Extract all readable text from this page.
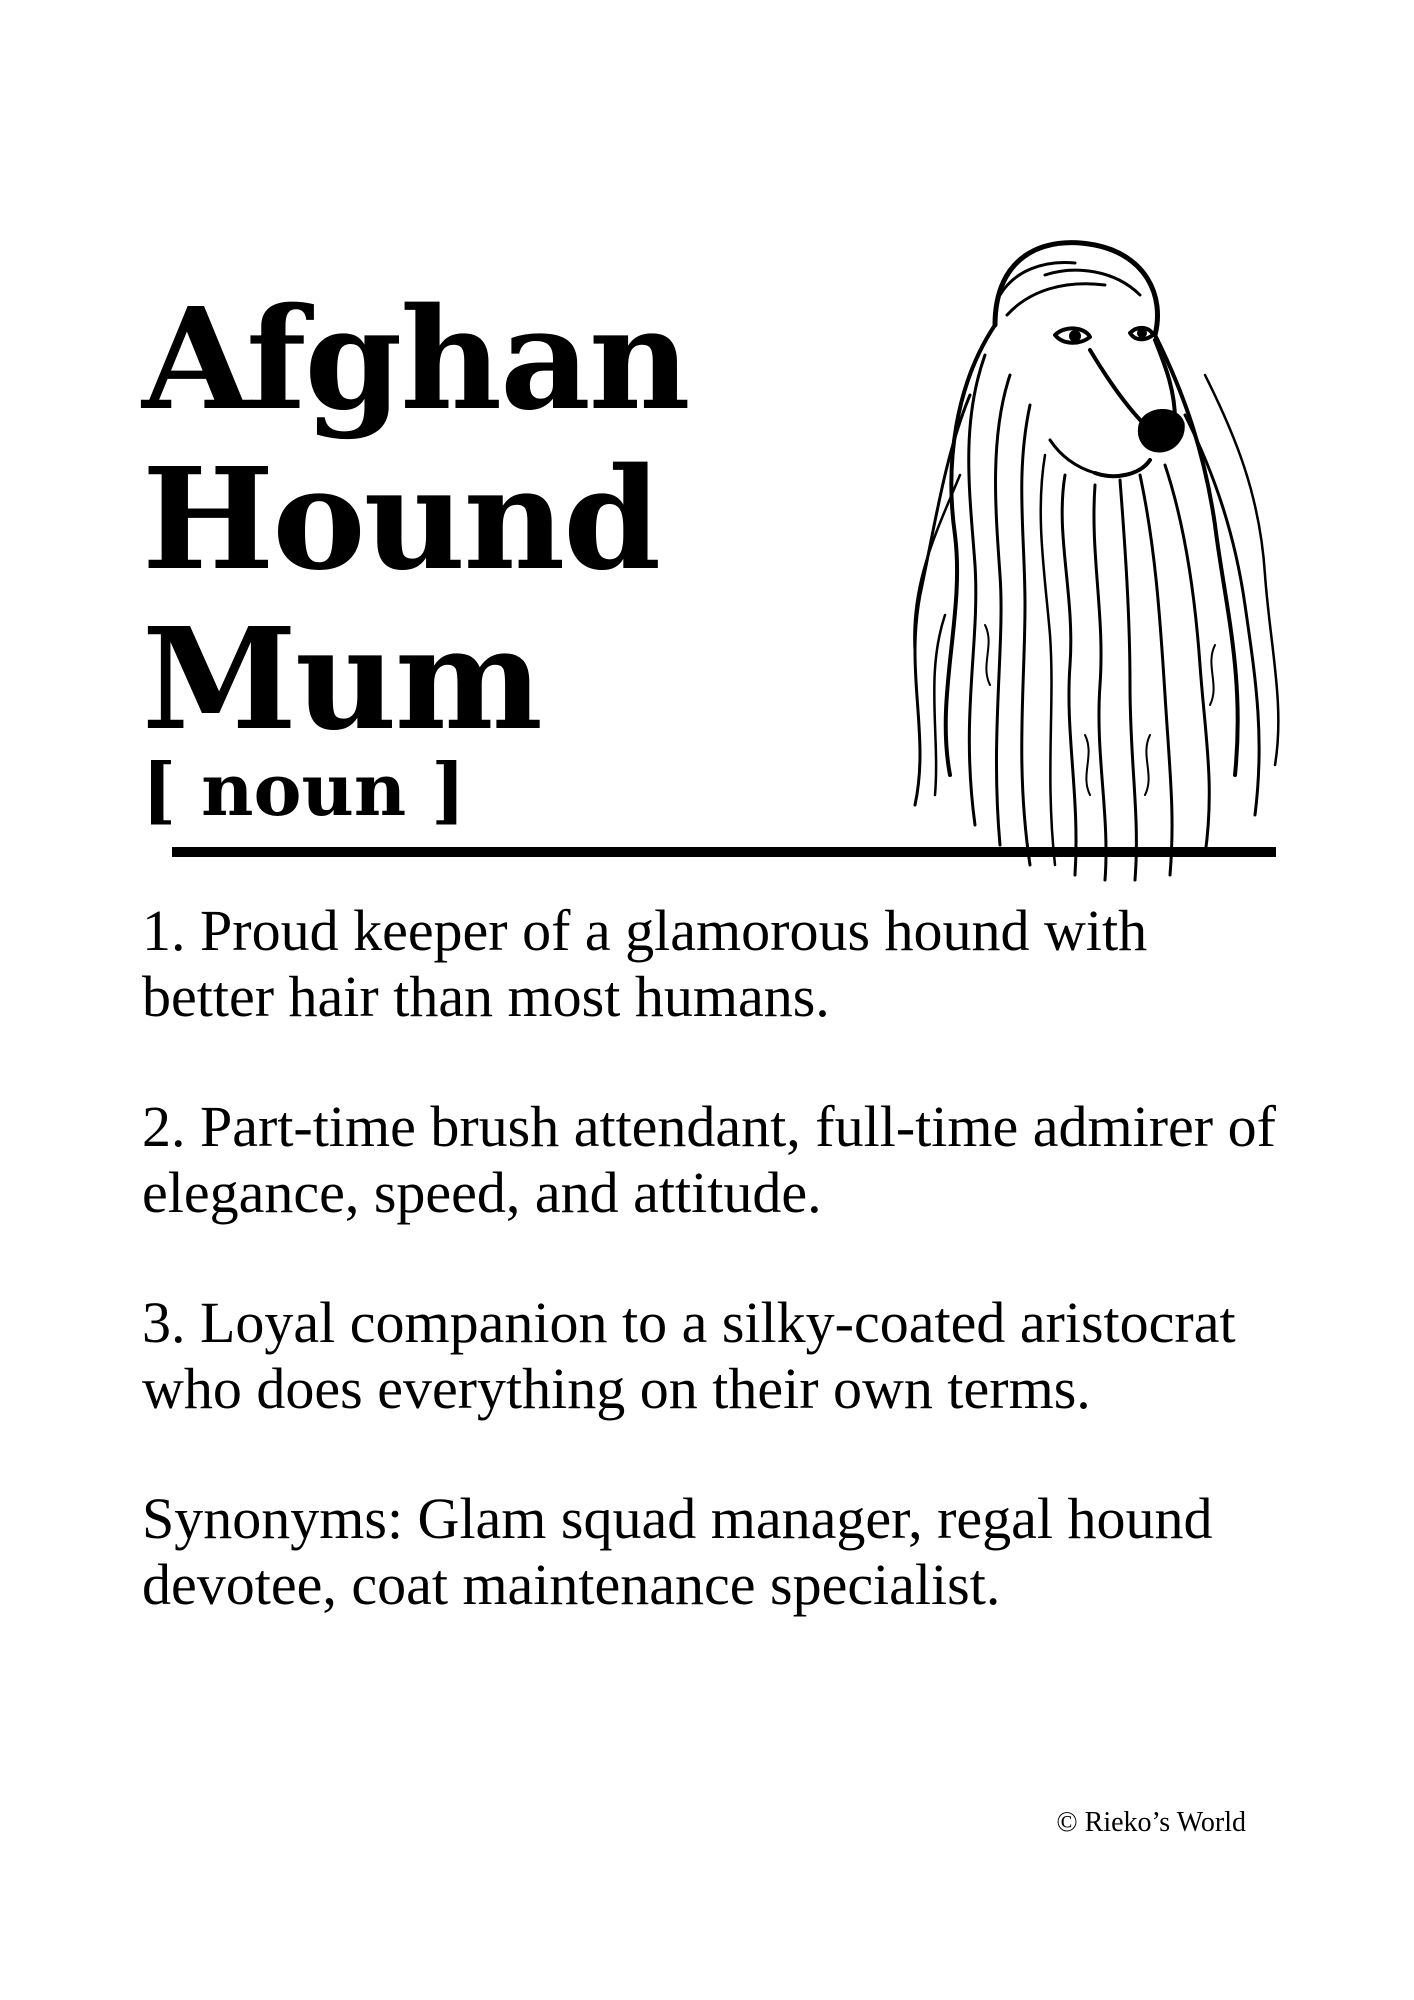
Afghan
Hound
Mum
[ noun ]

1. Proud keeper of a glamorous hound with better hair than most humans.

2. Part-time brush attendant, full-time admirer of elegance, speed, and attitude.

3. Loyal companion to a silky-coated aristocrat who does everything on their own terms.

Synonyms: Glam squad manager, regal hound devotee, coat maintenance specialist.

© Rieko’s World
